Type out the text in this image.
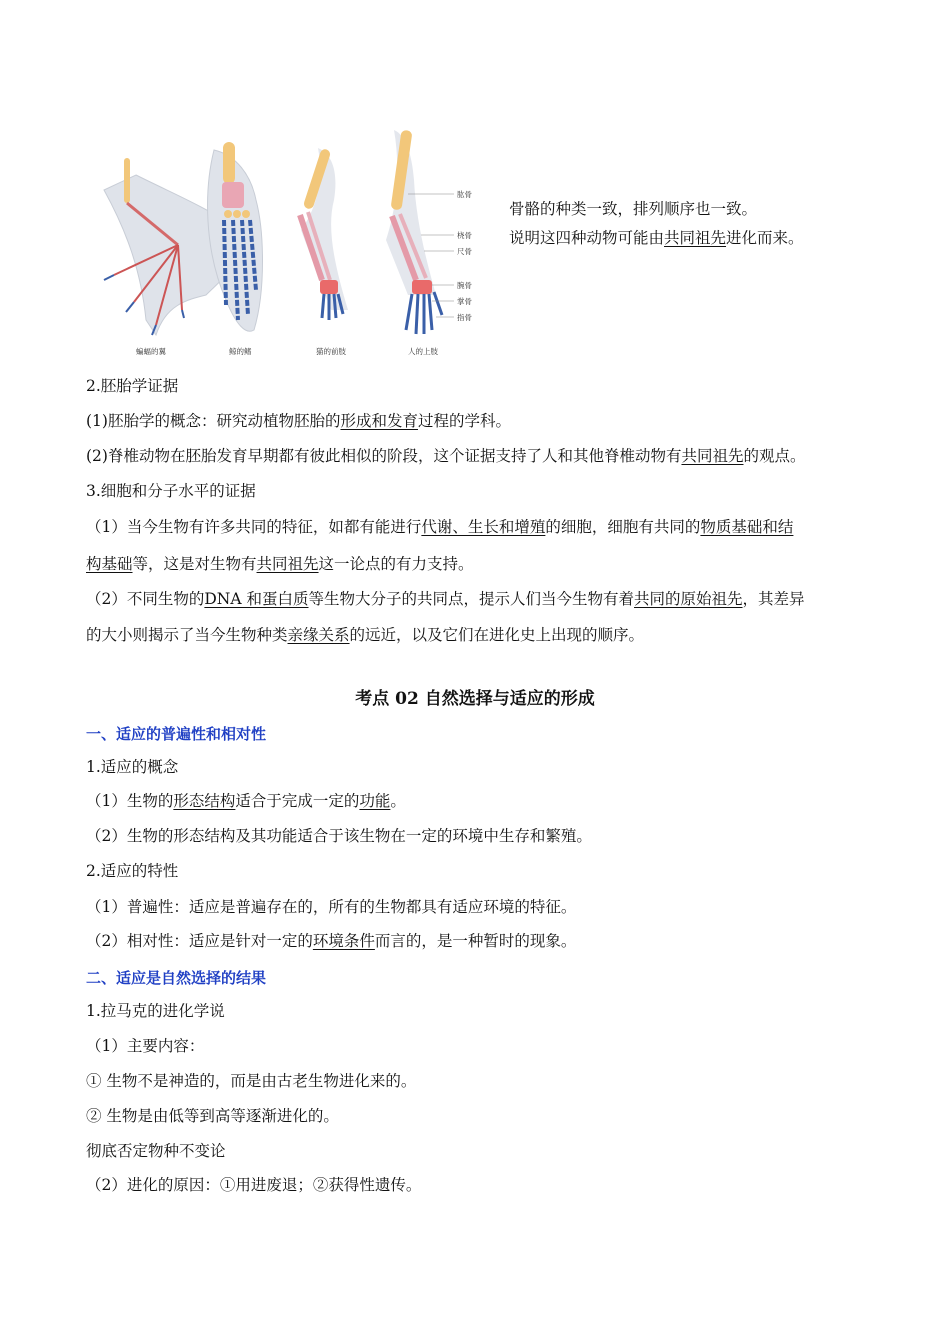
肱骨
桡骨
尺骨
腕骨
掌骨
指骨
蝙蝠的翼	鲸的鳍	猫的前肢	人的上肢
骨骼的种类一致，排列顺序也一致。
说明这四种动物可能由共同祖先进化而来。
2.胚胎学证据
(1)胚胎学的概念：研究动植物胚胎的形成和发育过程的学科。
(2)脊椎动物在胚胎发育早期都有彼此相似的阶段，这个证据支持了人和其他脊椎动物有共同祖先的观点。
3.细胞和分子水平的证据
（1）当今生物有许多共同的特征，如都有能进行代谢、生长和增殖的细胞，细胞有共同的物质基础和结
构基础等，这是对生物有共同祖先这一论点的有力支持。
（2）不同生物的DNA 和蛋白质等生物大分子的共同点，提示人们当今生物有着共同的原始祖先，其差异
的大小则揭示了当今生物种类亲缘关系的远近，以及它们在进化史上出现的顺序。
考点 02 自然选择与适应的形成
一、适应的普遍性和相对性
1.适应的概念
（1）生物的形态结构适合于完成一定的功能。
（2）生物的形态结构及其功能适合于该生物在一定的环境中生存和繁殖。
2.适应的特性
（1）普遍性：适应是普遍存在的，所有的生物都具有适应环境的特征。
（2）相对性：适应是针对一定的环境条件而言的，是一种暂时的现象。
二、适应是自然选择的结果
1.拉马克的进化学说
（1）主要内容：
① 生物不是神造的，而是由古老生物进化来的。
② 生物是由低等到高等逐渐进化的。
彻底否定物种不变论
（2）进化的原因：①用进废退；②获得性遗传。
